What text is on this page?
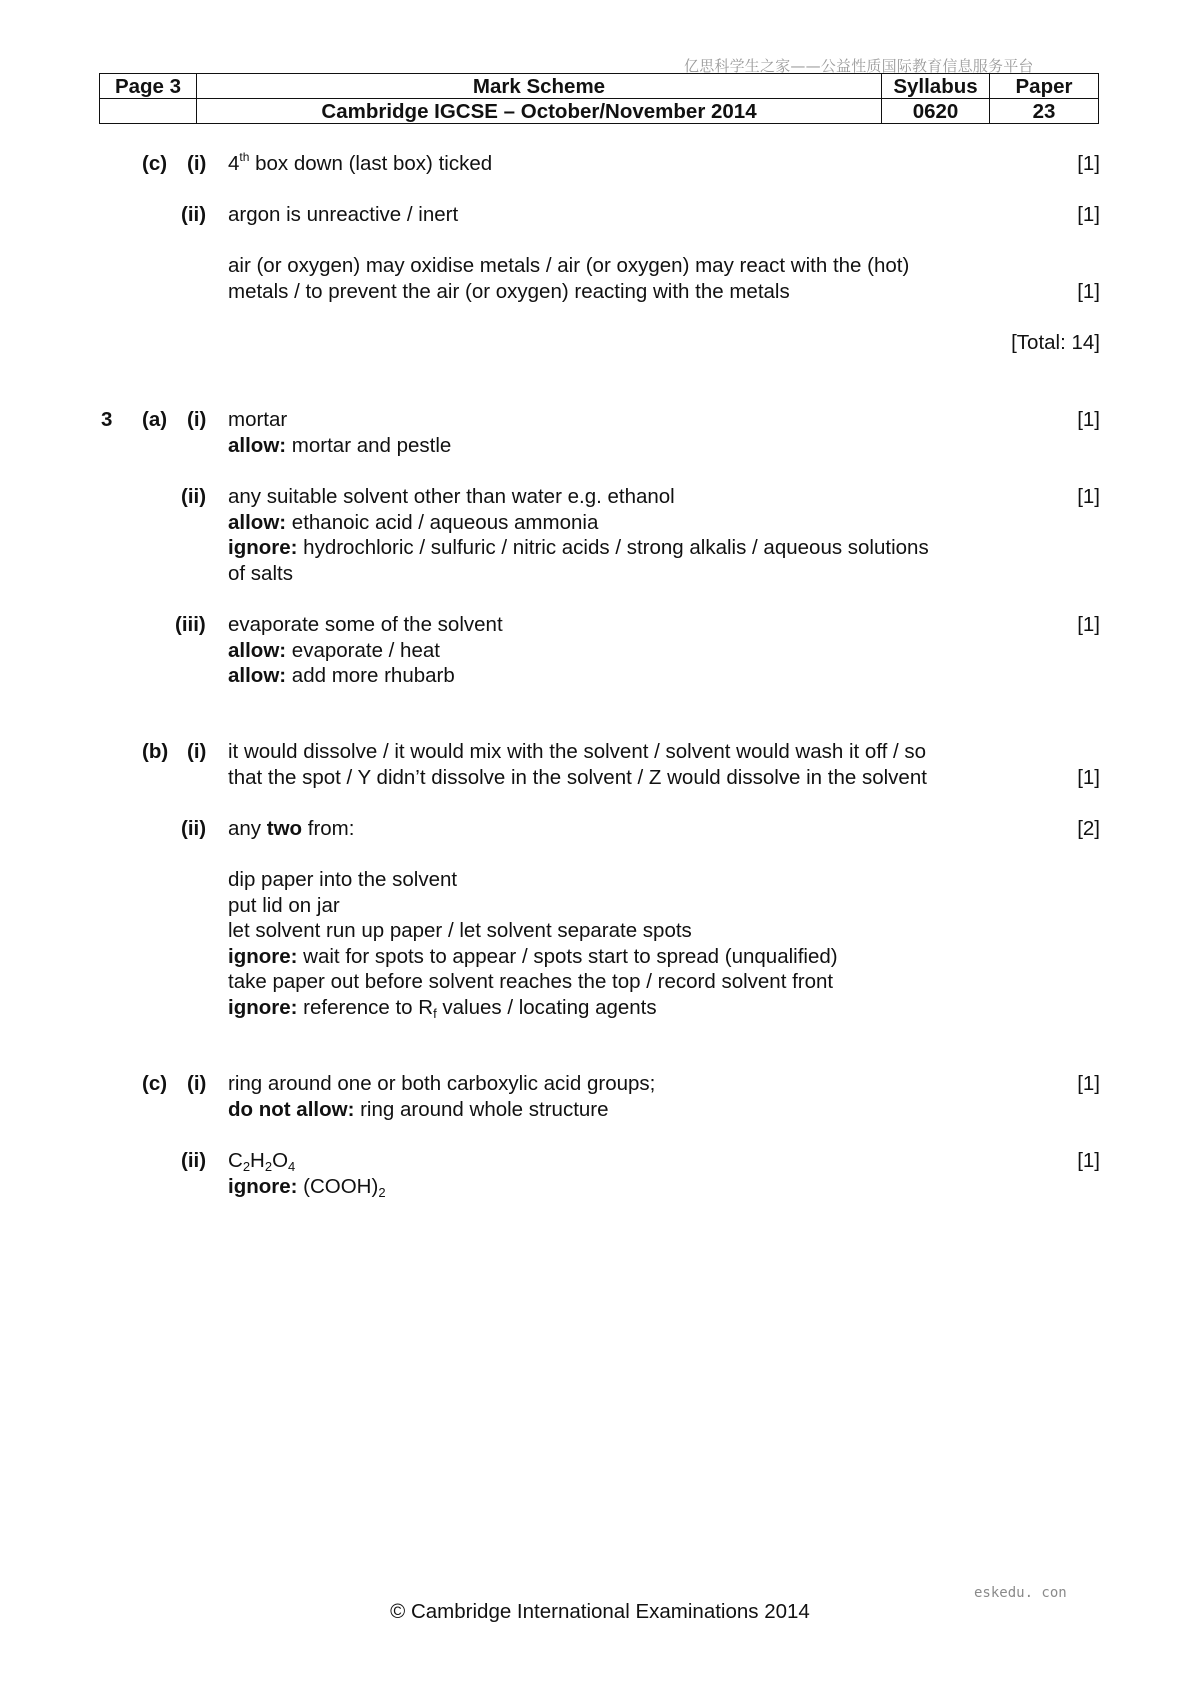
亿思科学生之家——公益性质国际教育信息服务平台
Page 3	Mark Scheme	Syllabus	Paper
	Cambridge IGCSE – October/November 2014	0620	23
(c) (i) 4th box down (last box) ticked	[1]
(ii) argon is unreactive / inert	[1]
air (or oxygen) may oxidise metals / air (or oxygen) may react with the (hot)
metals / to prevent the air (or oxygen) reacting with the metals	[1]
[Total: 14]
3 (a) (i) mortar
allow: mortar and pestle
[1]
(ii) any suitable solvent other than water e.g. ethanol
allow: ethanoic acid / aqueous ammonia
ignore: hydrochloric / sulfuric / nitric acids / strong alkalis / aqueous solutions
of salts
[1]
(iii) evaporate some of the solvent
allow: evaporate / heat
allow: add more rhubarb
[1]
(b) (i) it would dissolve / it would mix with the solvent / solvent would wash it off / so
that the spot / Y didn’t dissolve in the solvent / Z would dissolve in the solvent	[1]
(ii) any two from:	[2]
dip paper into the solvent
put lid on jar
let solvent run up paper / let solvent separate spots
ignore: wait for spots to appear / spots start to spread (unqualified)
take paper out before solvent reaches the top / record solvent front
ignore: reference to $R_f$ values / locating agents
(c) (i) ring around one or both carboxylic acid groups;
do not allow: ring around whole structure
[1]
(ii) $C_2H_2O_4$
ignore: $(COOH)_2$
[1]
eskedu. con
© Cambridge International Examinations 2014
